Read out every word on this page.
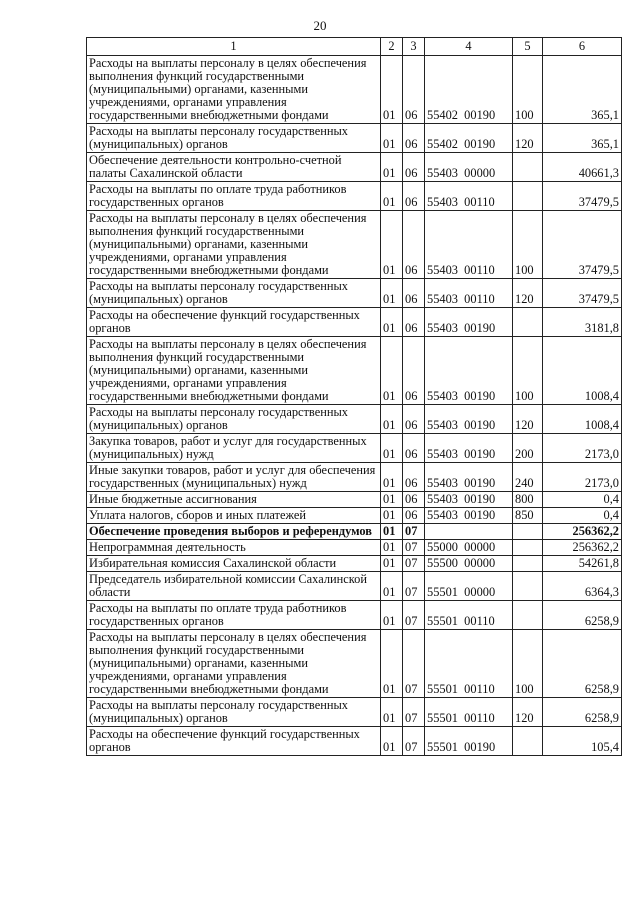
20
1	2	3	4	5	6
Расходы на выплаты персоналу в целях обеспечения выполнения функций государственными (муниципальными) органами, казенными учреждениями, органами управления государственными внебюджетными фондами	01	06	55402  00190	100	365,1
Расходы на выплаты персоналу государственных (муниципальных) органов	01	06	55402  00190	120	365,1
Обеспечение деятельности контрольно-счетной палаты Сахалинской области	01	06	55403  00000		40661,3
Расходы на выплаты по оплате труда работников государственных органов	01	06	55403  00110		37479,5
Расходы на выплаты персоналу в целях обеспечения выполнения функций государственными (муниципальными) органами, казенными учреждениями, органами управления государственными внебюджетными фондами	01	06	55403  00110	100	37479,5
Расходы на выплаты персоналу государственных (муниципальных) органов	01	06	55403  00110	120	37479,5
Расходы на обеспечение функций государственных органов	01	06	55403  00190		3181,8
Расходы на выплаты персоналу в целях обеспечения выполнения функций государственными (муниципальными) органами, казенными учреждениями, органами управления государственными внебюджетными фондами	01	06	55403  00190	100	1008,4
Расходы на выплаты персоналу государственных (муниципальных) органов	01	06	55403  00190	120	1008,4
Закупка товаров, работ и услуг для государственных (муниципальных) нужд	01	06	55403  00190	200	2173,0
Иные закупки товаров, работ и услуг для обеспечения государственных (муниципальных) нужд	01	06	55403  00190	240	2173,0
Иные бюджетные ассигнования	01	06	55403  00190	800	0,4
Уплата налогов, сборов и иных платежей	01	06	55403  00190	850	0,4
Обеспечение проведения выборов и референдумов	01	07			256362,2
Непрограммная деятельность	01	07	55000  00000		256362,2
Избирательная комиссия Сахалинской области	01	07	55500  00000		54261,8
Председатель избирательной комиссии Сахалинской области	01	07	55501  00000		6364,3
Расходы на выплаты по оплате труда работников государственных органов	01	07	55501  00110		6258,9
Расходы на выплаты персоналу в целях обеспечения выполнения функций государственными (муниципальными) органами, казенными учреждениями, органами управления государственными внебюджетными фондами	01	07	55501  00110	100	6258,9
Расходы на выплаты персоналу государственных (муниципальных) органов	01	07	55501  00110	120	6258,9
Расходы на обеспечение функций государственных органов	01	07	55501  00190		105,4
